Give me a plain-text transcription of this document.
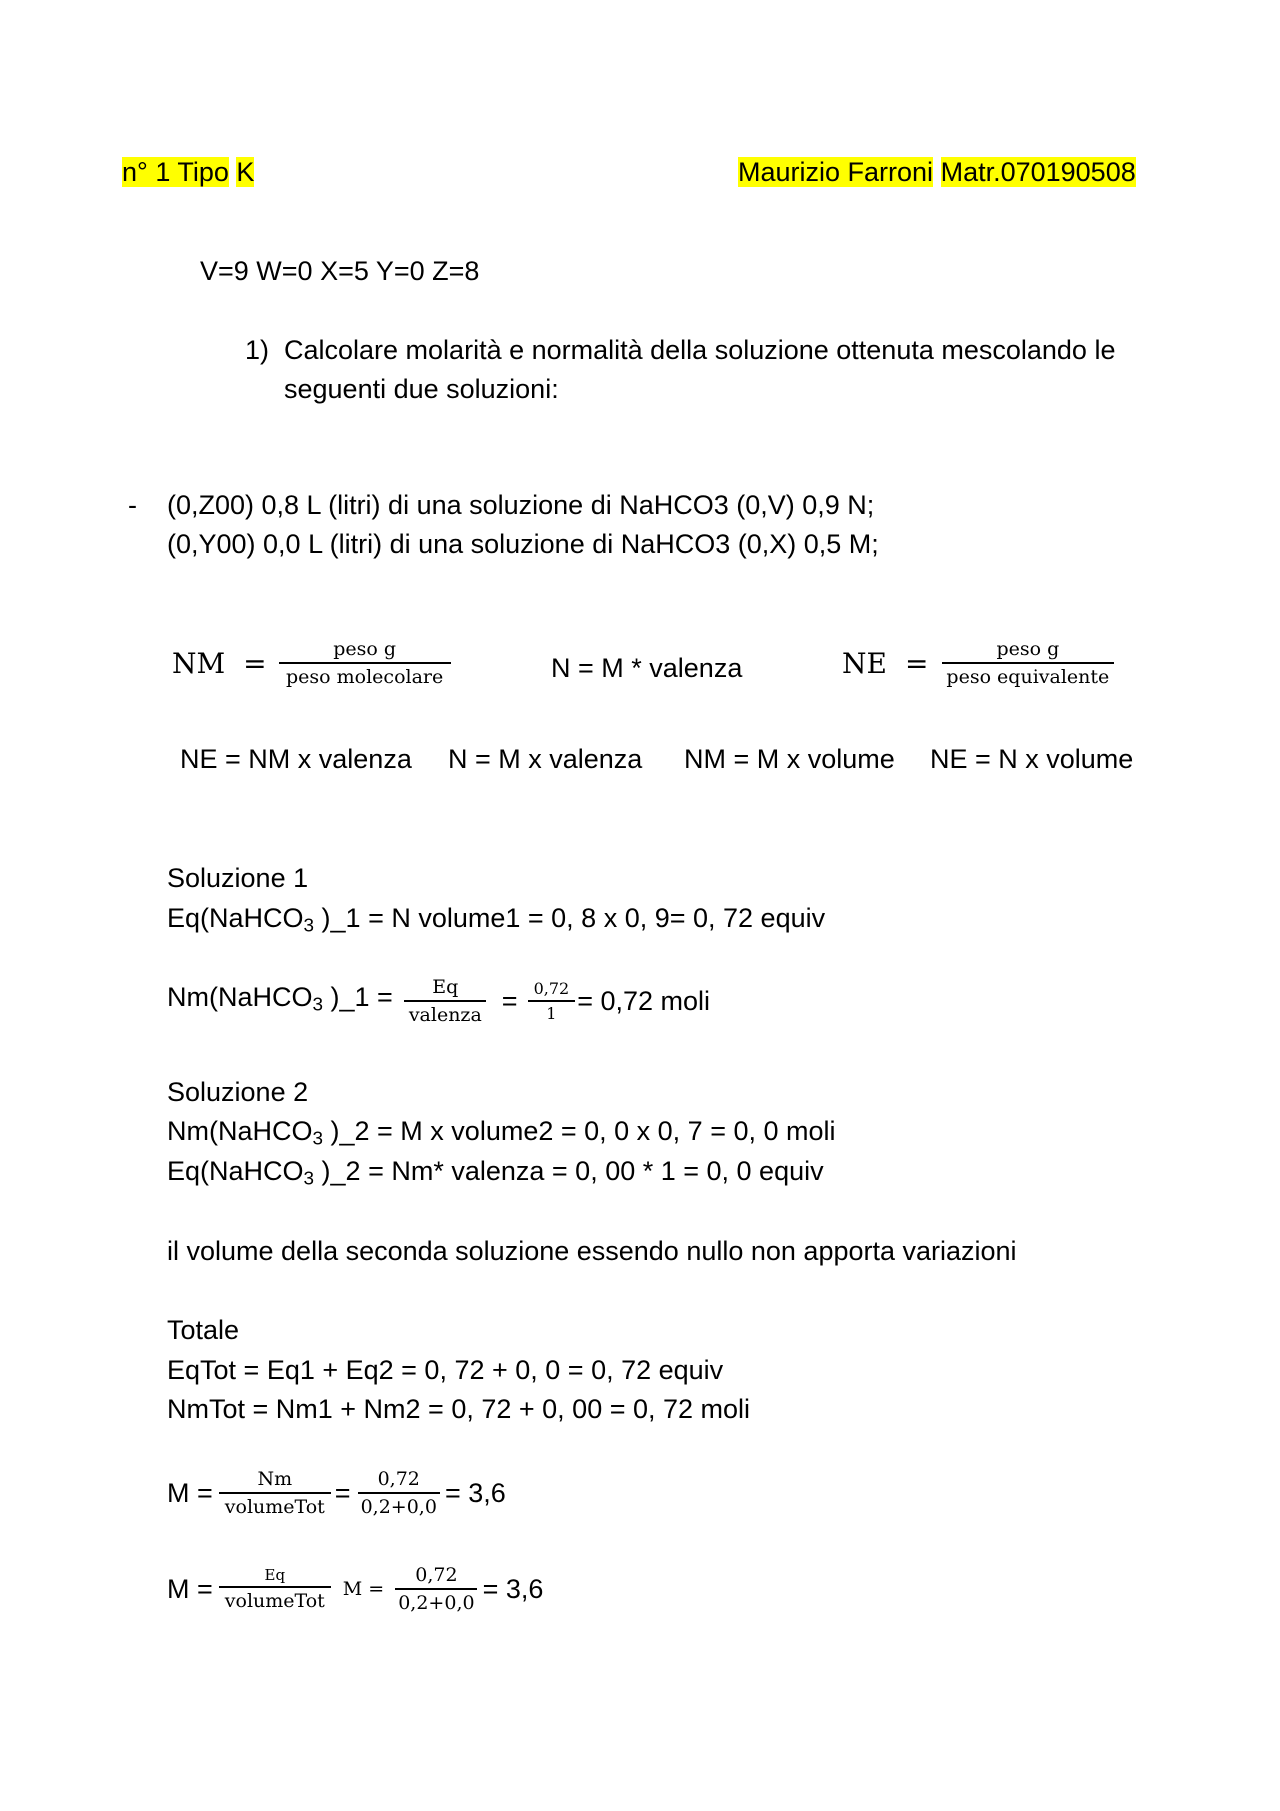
n° 1 Tipo K	Maurizio Farroni Matr.070190508
V=9 W=0 X=5 Y=0 Z=8
1) Calcolare molarità e normalità della soluzione ottenuta mescolando le
seguenti due soluzioni:
- (0,Z00) 0,8 L (litri) di una soluzione di NaHCO3 (0,V) 0,9 N;
(0,Y00) 0,0 L (litri) di una soluzione di NaHCO3 (0,X) 0,5 M;
NM = $\frac{\text{peso g}}{\text{peso molecolare}}$	N = M * valenza	NE = $\frac{\text{peso g}}{\text{peso equivalente}}$
NE = NM x valenza N = M x valenza NM = M x volume NE = N x volume
Soluzione 1
Eq(NaHCO$_3$ )_1 = N volume1 = 0, 8 x 0, 9= 0, 72 equiv
Nm(NaHCO$_3$ )_1 = $\frac{Eq}{\text{valenza}} = \frac{0,72}{1} = 0,72$ moli
Soluzione 2
Nm(NaHCO$_3$ )_2 = M x volume2 = 0, 0 x 0, 7 = 0, 0 moli
Eq(NaHCO$_3$ )_2 = Nm* valenza = 0, 00 * 1 = 0, 0 equiv
il volume della seconda soluzione essendo nullo non apporta variazioni
Totale
EqTot = Eq1 + Eq2 = 0, 72 + 0, 0 = 0, 72 equiv
NmTot = Nm1 + Nm2 = 0, 72 + 0, 00 = 0, 72 moli
$M = \frac{Nm}{\text{volumeTot}} = \frac{0,72}{0,2+0,0} = 3,6$
$M = \frac{Eq}{\text{volumeTot}}$ $M = \frac{0,72}{0,2+0,0} = 3,6$
